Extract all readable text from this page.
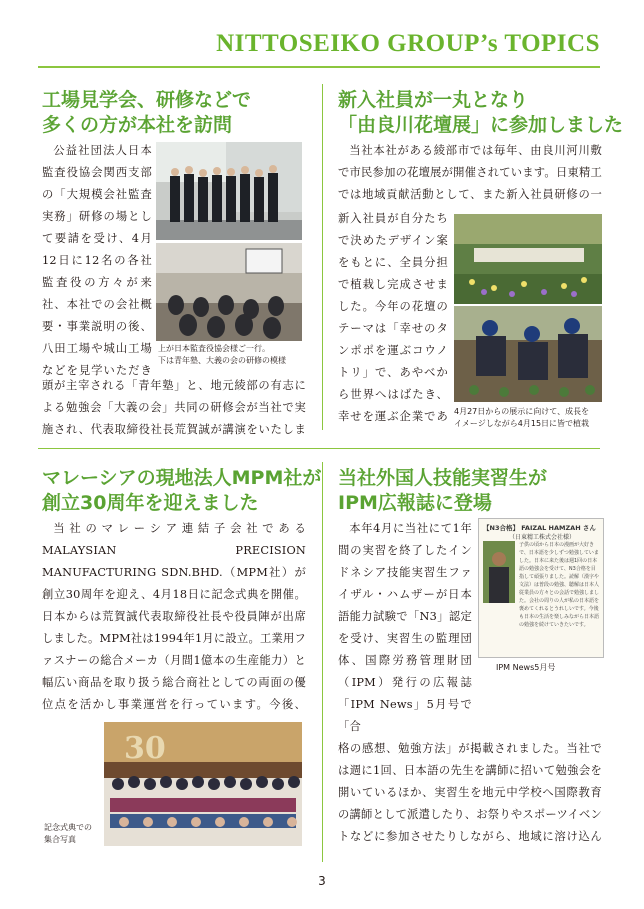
NITTOSEIKO GROUP’s TOPICS
工場見学会、研修などで
多くの方が本社を訪問

公益社団法人日本監査役協会関西支部の「大規模会社監査実務」研修の場として要請を受け、4月12日に12名の各社監査役の方々が来社、本社での会社概要・事業説明の後、八田工場や城山工場などを見学いただき

頭が主宰される「青年塾」と、地元綾部の有志による勉強会「大義の会」共同の研修会が当社で実施され、代表取締役社長荒賀誠が講演をいたしま

上が日本監査役協会様ご一行。
下は青年塾、大義の会の研修の模様
新入社員が一丸となり
「由良川花壇展」に参加しました

当社本社がある綾部市では毎年、由良川河川敷で市民参加の花壇展が開催されています。日東精工では地域貢献活動として、また新入社員研修の一

新入社員が自分たちで決めたデザイン案をもとに、全員分担で植栽し完成させました。今年の花壇のテーマは「幸せのタンポポを運ぶコウノトリ」で、あやべから世界へはばたき、幸せを運ぶ企業であ 4月27日からの展示に向けて、成長を
イメージしながら4月15日に皆で植栽
マレーシアの現地法人MPM社が
創立30周年を迎えました

当社のマレーシア連結子会社であるMALAYSIAN PRECISION MANUFACTURING SDN.BHD.（MPM社）が創立30周年を迎え、4月18日に記念式典を開催。日本からは荒賀誠代表取締役社長や役員陣が出席しました。MPM社は1994年1月に設立。工業用ファスナーの総合メーカ（月間1億本の生産能力）と幅広い商品を取り扱う総合商社としての両面の優位点を活かし事業運営を行っています。今後、

30
記念式典での
集合写真
当社外国人技能実習生が
IPM広報誌に登場

本年4月に当社にて1年間の実習を終了したインドネシア技能実習生ファイザル・ハムザーが日本語能力試験で「N3」認定を受け、実習生の監理団体、国際労務管理財団（IPM）発行の広報誌「IPM News」5月号で「合

格の感想、勉強方法」が掲載されました。当社では週に1回、日本語の先生を講師に招いて勉強会を開いているほか、実習生を地元中学校へ国際教育の講師として派遣したり、お祭りやスポーツイベントなどに参加させたりしながら、地域に溶け込ん

【N3合格】 FAIZAL HAMZAH さん
（日東精工株式会社様）
子供の頃から日本の漫画が大好きで、日本語を少しずつ勉強していました。日本に来た後は週1回の日本語の勉強会を受けて、N3合格を目指して頑張りました。読解（漢字や文法）は普段の勉強、聴解は日本人従業員の方々との会話で勉強しました。会社の周りの人が私の日本語を褒めてくれるとうれしいです。今後も日本の生活を楽しみながら日本語の勉強を続けていきたいです。
IPM News5月号
3
